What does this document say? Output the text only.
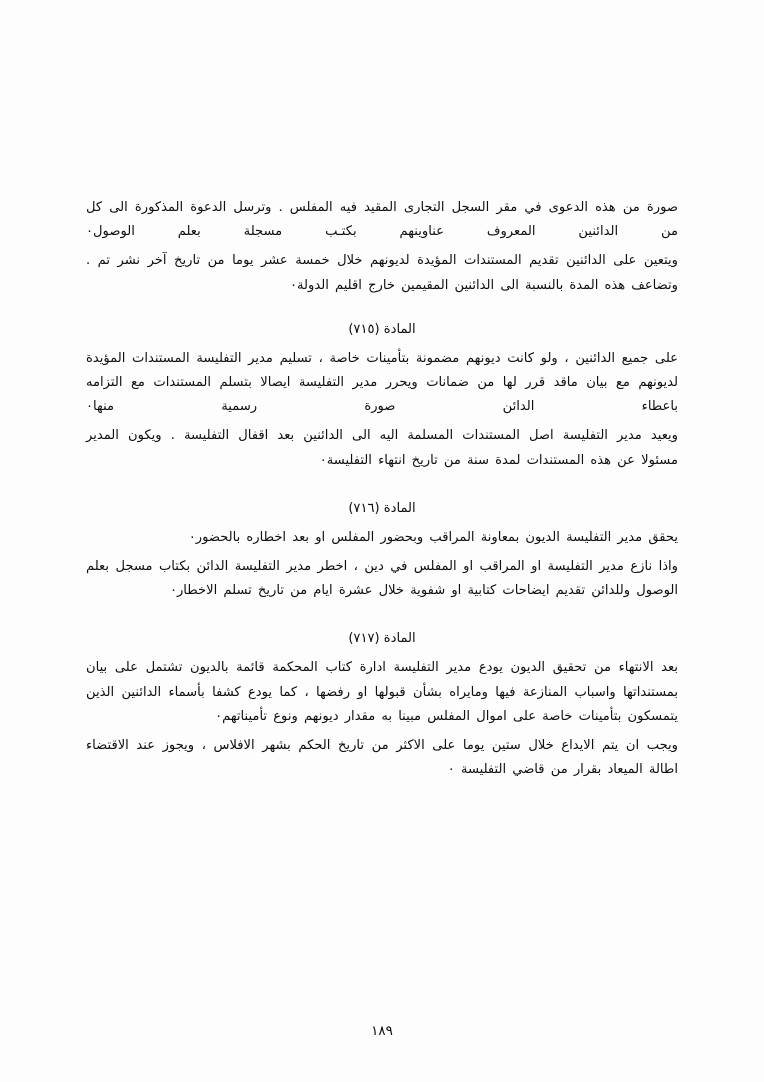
صورة من هذه الدعوى في مقر السجل التجارى المقيد فيه المفلس . وترسل الدعوة المذكورة الى كل من الدائنين المعروف عناوينهم بكتـب مسجلة بعلم الوصول٠

ويتعين على الدائنين تقديم المستندات المؤيدة لديونهم خلال خمسة عشر يوما من تاريخ آخر نشر تم . وتضاعف هذه المدة بالنسبة الى الدائنين المقيمين خارج اقليم الدولة٠

المادة (٧١٥)

على جميع الدائنين ، ولو كانت ديونهم مضمونة بتأمينات خاصة ، تسليم مدير التفليسة المستندات المؤيدة لديونهم مع بيان ماقد قرر لها من ضمانات ويحرر مدير التفليسة ايصالا بتسلم المستندات مع التزامه باعطاء الدائن صورة رسمية منها٠

ويعيد مدير التفليسة اصل المستندات المسلمة اليه الى الدائنين بعد اقفال التفليسة . ويكون المدير مسئولا عن هذه المستندات لمدة سنة من تاريخ انتهاء التفليسة٠

المادة (٧١٦)

يحقق مدير التفليسة الديون بمعاونة المراقب وبحضور المفلس او بعد اخطاره بالحضور٠

واذا نازع مدير التفليسة او المراقب او المفلس في دين ، اخطر مدير التفليسة الدائن بكتاب مسجل بعلم الوصول وللدائن تقديم ايضاحات كتابية او شفوية خلال عشرة ايام من تاريخ تسلم الاخطار٠

المادة (٧١٧)

بعد الانتهاء من تحقيق الديون يودع مدير التفليسة ادارة كتاب المحكمة قائمة بالديون تشتمل على بيان بمستنداتها واسباب المنازعة فيها ومايراه بشأن قبولها او رفضها ، كما يودع كشفا بأسماء الدائنين الذين يتمسكون بتأمينات خاصة على اموال المفلس مبينا به مقدار ديونهم ونوع تأميناتهم٠

ويجب ان يتم الايداع خلال ستين يوما على الاكثر من تاريخ الحكم بشهر الافلاس ، ويجوز عند الاقتضاء اطالة الميعاد بقرار من قاضي التفليسة ٠

١٨٩
